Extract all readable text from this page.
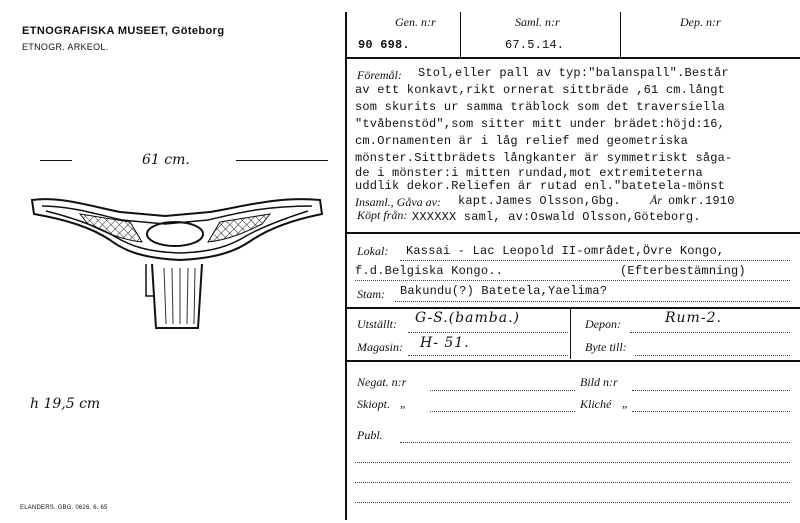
ETNOGRAFISKA MUSEET, Göteborg
ETNOGR. ARKEOL.
ELANDERS. GBG. 0626. 6. 65
61 cm.
h 19,5 cm
Gen. n:r	Saml. n:r	Dep. n:r
90 698.	67.5.14.
Föremål: Stol,eller pall av typ:"balanspall".Består
av ett konkavt,rikt ornerat sittbräde ,61 cm.långt
som skurits ur samma träblock som det traversiella
"tvåbenstöd",som sitter mitt under brädet:höjd:16,
cm.Ornamenten är i låg relief med geometriska
mönster.Sittbrädets långkanter är symmetriskt såga-
de i mönster:i mitten rundad,mot extremiteterna
uddlik dekor.Reliefen är rutad enl."batetela-mönst
Insaml., Gåva av: kapt.James Olsson,Gbg. År omkr.1910
Köpt från: XXXXXX saml, av:Oswald Olsson,Göteborg.
Lokal: Kassai - Lac Leopold II-området,Övre Kongo,
f.d.Belgiska Kongo..	(Efterbestämning)
Stam: Bakundu(?) Batetela,Yaelima?
Utställt: G-S.(bamba.)
Magasin: H- 51.
Depon:	Rum-2.
Byte till:
Negat. n:r	Bild n:r
Skiopt. „	Kliché „
Publ.
